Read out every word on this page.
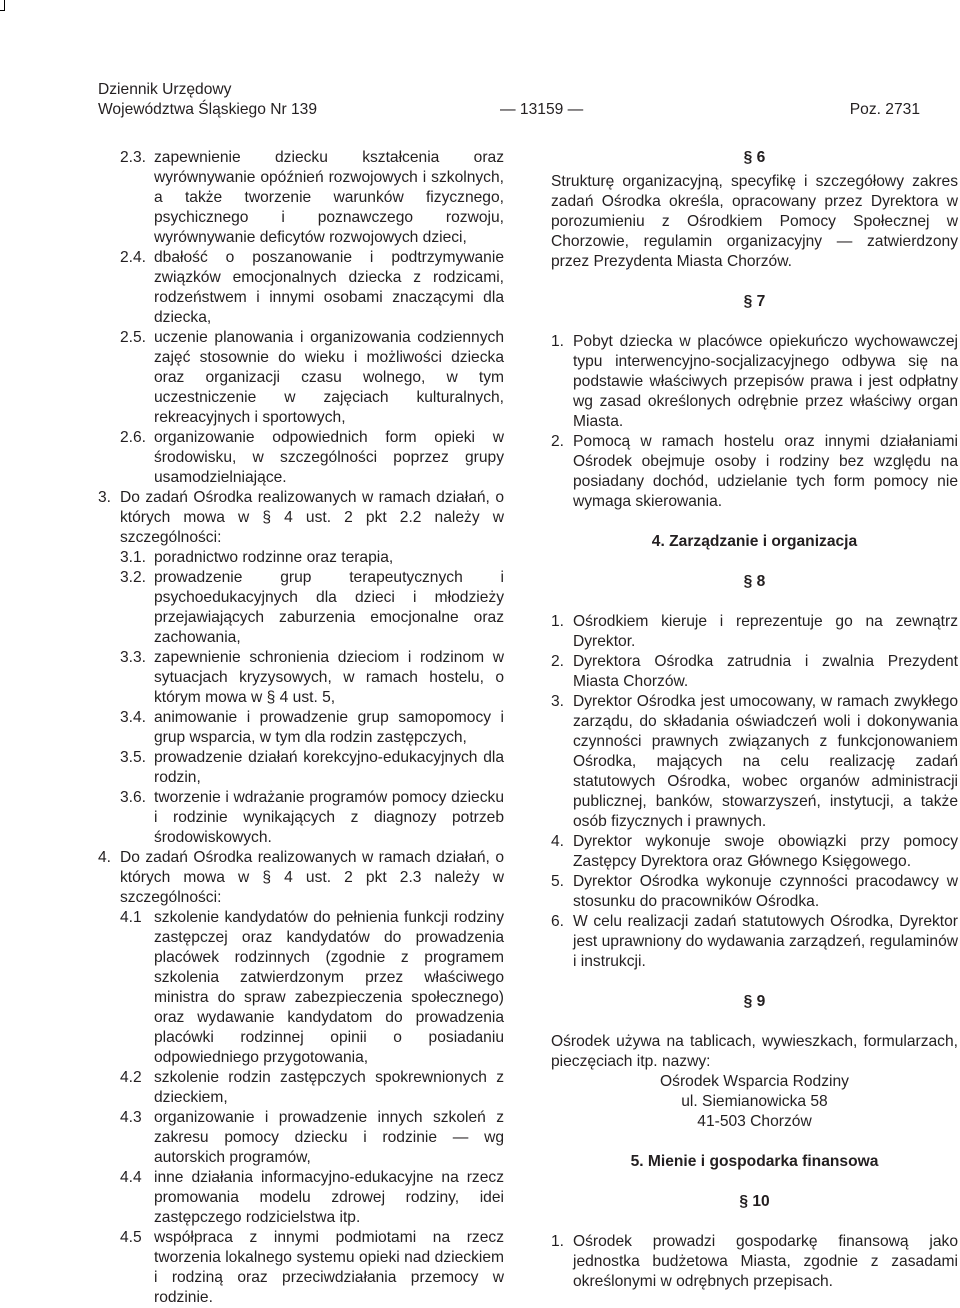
Dziennik Urzędowy
Województwa Śląskiego Nr 139	— 13159 —	Poz. 2731
2.3. zapewnienie dziecku kształcenia oraz wyrównywanie opóźnień rozwojowych i szkolnych, a także tworzenie warunków fizycznego, psychicznego i poznawczego rozwoju, wyrównywanie deficytów rozwojowych dzieci,
2.4. dbałość o poszanowanie i podtrzymywanie związków emocjonalnych dziecka z rodzicami, rodzeństwem i innymi osobami znaczącymi dla dziecka,
2.5. uczenie planowania i organizowania codziennych zajęć stosownie do wieku i możliwości dziecka oraz organizacji czasu wolnego, w tym uczestniczenie w zajęciach kulturalnych, rekreacyjnych i sportowych,
2.6. organizowanie odpowiednich form opieki w środowisku, w szczególności poprzez grupy usamodzielniające.
3. Do zadań Ośrodka realizowanych w ramach działań, o których mowa w § 4 ust. 2 pkt 2.2 należy w szczególności:
3.1. poradnictwo rodzinne oraz terapia,
3.2. prowadzenie grup terapeutycznych i psychoedukacyjnych dla dzieci i młodzieży przejawiających zaburzenia emocjonalne oraz zachowania,
3.3. zapewnienie schronienia dzieciom i rodzinom w sytuacjach kryzysowych, w ramach hostelu, o którym mowa w § 4 ust. 5,
3.4. animowanie i prowadzenie grup samopomocy i grup wsparcia, w tym dla rodzin zastępczych,
3.5. prowadzenie działań korekcyjno-edukacyjnych dla rodzin,
3.6. tworzenie i wdrażanie programów pomocy dziecku i rodzinie wynikających z diagnozy potrzeb środowiskowych.
4. Do zadań Ośrodka realizowanych w ramach działań, o których mowa w § 4 ust. 2 pkt 2.3 należy w szczególności:
4.1 szkolenie kandydatów do pełnienia funkcji rodziny zastępczej oraz kandydatów do prowadzenia placówek rodzinnych (zgodnie z programem szkolenia zatwierdzonym przez właściwego ministra do spraw zabezpieczenia społecznego) oraz wydawanie kandydatom do prowadzenia placówki rodzinnej opinii o posiadaniu odpowiedniego przygotowania,
4.2 szkolenie rodzin zastępczych spokrewnionych z dzieckiem,
4.3 organizowanie i prowadzenie innych szkoleń z zakresu pomocy dziecku i rodzinie — wg autorskich programów,
4.4 inne działania informacyjno-edukacyjne na rzecz promowania modelu zdrowej rodziny, idei zastępczego rodzicielstwa itp.
4.5 współpraca z innymi podmiotami na rzecz tworzenia lokalnego systemu opieki nad dzieckiem i rodziną oraz przeciwdziałania przemocy w rodzinie.
§ 6
Strukturę organizacyjną, specyfikę i szczegółowy zakres zadań Ośrodka określa, opracowany przez Dyrektora w porozumieniu z Ośrodkiem Pomocy Społecznej w Chorzowie, regulamin organizacyjny — zatwierdzony przez Prezydenta Miasta Chorzów.
§ 7
1. Pobyt dziecka w placówce opiekuńczo wychowawczej typu interwencyjno-socjalizacyjnego odbywa się na podstawie właściwych przepisów prawa i jest odpłatny wg zasad określonych odrębnie przez właściwy organ Miasta.
2. Pomocą w ramach hostelu oraz innymi działaniami Ośrodek obejmuje osoby i rodziny bez względu na posiadany dochód, udzielanie tych form pomocy nie wymaga skierowania.
4. Zarządzanie i organizacja
§ 8
1. Ośrodkiem kieruje i reprezentuje go na zewnątrz Dyrektor.
2. Dyrektora Ośrodka zatrudnia i zwalnia Prezydent Miasta Chorzów.
3. Dyrektor Ośrodka jest umocowany, w ramach zwykłego zarządu, do składania oświadczeń woli i dokonywania czynności prawnych związanych z funkcjonowaniem Ośrodka, mających na celu realizację zadań statutowych Ośrodka, wobec organów administracji publicznej, banków, stowarzyszeń, instytucji, a także osób fizycznych i prawnych.
4. Dyrektor wykonuje swoje obowiązki przy pomocy Zastępcy Dyrektora oraz Głównego Księgowego.
5. Dyrektor Ośrodka wykonuje czynności pracodawcy w stosunku do pracowników Ośrodka.
6. W celu realizacji zadań statutowych Ośrodka, Dyrektor jest uprawniony do wydawania zarządzeń, regulaminów i instrukcji.
§ 9
Ośrodek używa na tablicach, wywieszkach, formularzach, pieczęciach itp. nazwy:
Ośrodek Wsparcia Rodziny
ul. Siemianowicka 58
41-503 Chorzów
5. Mienie i gospodarka finansowa
§ 10
1. Ośrodek prowadzi gospodarkę finansową jako jednostka budżetowa Miasta, zgodnie z zasadami określonymi w odrębnych przepisach.
